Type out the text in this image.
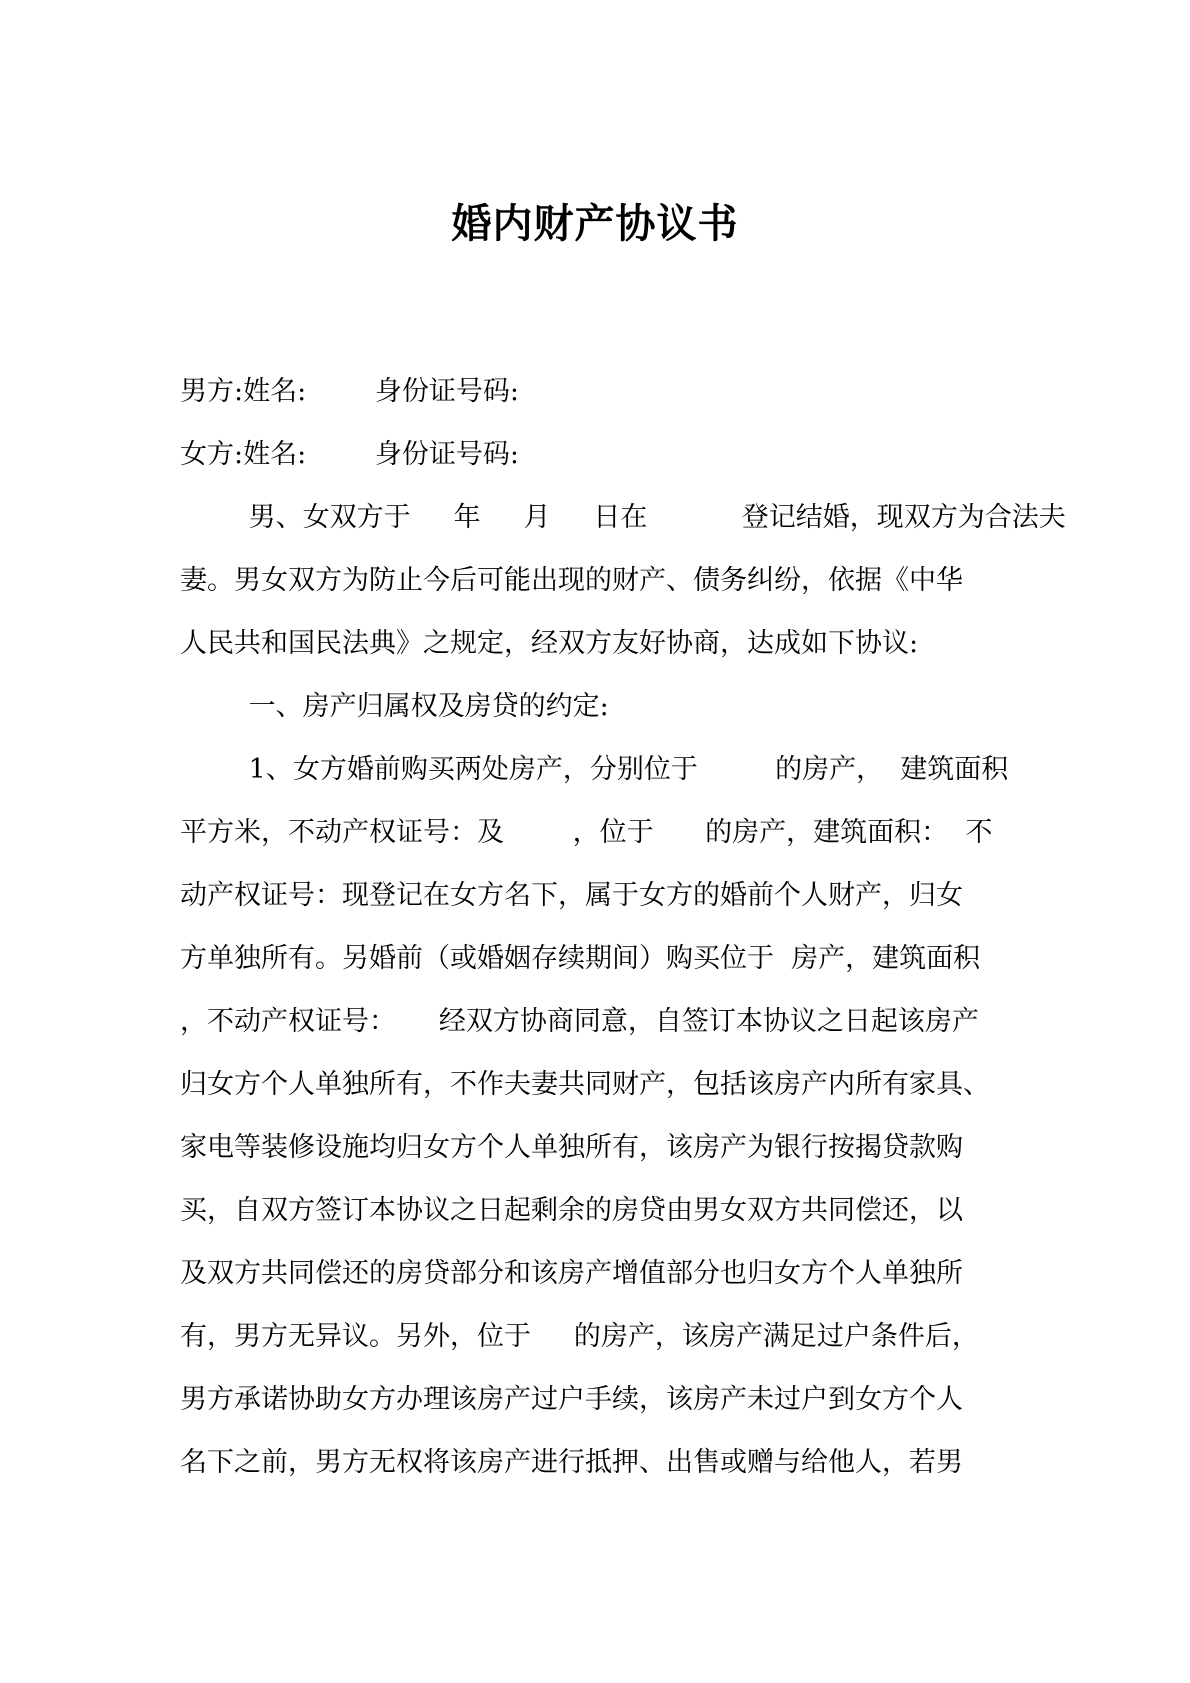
婚内财产协议书
男方:姓名:        身份证号码:
女方:姓名:        身份证号码:
男、女双方于     年     月     日在           登记结婚，现双方为合法夫
妻。男女双方为防止今后可能出现的财产、债务纠纷，依据《中华
人民共和国民法典》之规定，经双方友好协商，达成如下协议:
一、房产归属权及房贷的约定:
1、女方婚前购买两处房产，分别位于         的房产，  建筑面积
平方米，不动产权证号：及        ，位于      的房产，建筑面积：  不
动产权证号：现登记在女方名下，属于女方的婚前个人财产，归女
方单独所有。另婚前（或婚姻存续期间）购买位于  房产，建筑面积
，不动产权证号：     经双方协商同意，自签订本协议之日起该房产
归女方个人单独所有，不作夫妻共同财产，包括该房产内所有家具、
家电等装修设施均归女方个人单独所有，该房产为银行按揭贷款购
买，自双方签订本协议之日起剩余的房贷由男女双方共同偿还，以
及双方共同偿还的房贷部分和该房产增值部分也归女方个人单独所
有，男方无异议。另外，位于     的房产，该房产满足过户条件后，
男方承诺协助女方办理该房产过户手续，该房产未过户到女方个人
名下之前，男方无权将该房产进行抵押、出售或赠与给他人，若男
